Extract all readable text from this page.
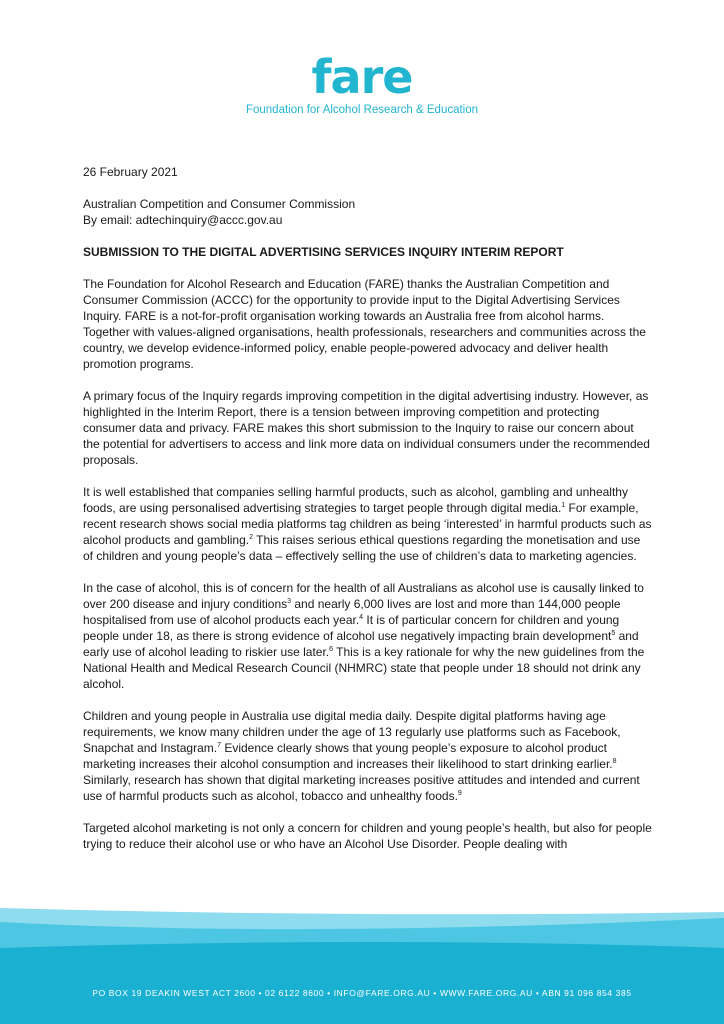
fare
Foundation for Alcohol Research & Education

26 February 2021

Australian Competition and Consumer Commission

By email: adtechinquiry@accc.gov.au

SUBMISSION TO THE DIGITAL ADVERTISING SERVICES INQUIRY INTERIM REPORT

The Foundation for Alcohol Research and Education (FARE) thanks the Australian Competition and Consumer Commission (ACCC) for the opportunity to provide input to the Digital Advertising Services Inquiry. FARE is a not-for-profit organisation working towards an Australia free from alcohol harms. Together with values-aligned organisations, health professionals, researchers and communities across the country, we develop evidence-informed policy, enable people-powered advocacy and deliver health promotion programs.

A primary focus of the Inquiry regards improving competition in the digital advertising industry. However, as highlighted in the Interim Report, there is a tension between improving competition and protecting consumer data and privacy. FARE makes this short submission to the Inquiry to raise our concern about the potential for advertisers to access and link more data on individual consumers under the recommended proposals.

It is well established that companies selling harmful products, such as alcohol, gambling and unhealthy foods, are using personalised advertising strategies to target people through digital media.$^1$ For example, recent research shows social media platforms tag children as being ‘interested’ in harmful products such as alcohol products and gambling.$^2$ This raises serious ethical questions regarding the monetisation and use of children and young people’s data – effectively selling the use of children’s data to marketing agencies.

In the case of alcohol, this is of concern for the health of all Australians as alcohol use is causally linked to over 200 disease and injury conditions$^3$ and nearly 6,000 lives are lost and more than 144,000 people hospitalised from use of alcohol products each year.$^4$ It is of particular concern for children and young people under 18, as there is strong evidence of alcohol use negatively impacting brain development$^5$ and early use of alcohol leading to riskier use later.$^6$ This is a key rationale for why the new guidelines from the National Health and Medical Research Council (NHMRC) state that people under 18 should not drink any alcohol.

Children and young people in Australia use digital media daily. Despite digital platforms having age requirements, we know many children under the age of 13 regularly use platforms such as Facebook, Snapchat and Instagram.$^7$ Evidence clearly shows that young people’s exposure to alcohol product marketing increases their alcohol consumption and increases their likelihood to start drinking earlier.$^8$ Similarly, research has shown that digital marketing increases positive attitudes and intended and current use of harmful products such as alcohol, tobacco and unhealthy foods.$^9$

Targeted alcohol marketing is not only a concern for children and young people’s health, but also for people trying to reduce their alcohol use or who have an Alcohol Use Disorder. People dealing with

PO BOX 19 DEAKIN WEST ACT 2600 • 02 6122 8600 • INFO@FARE.ORG.AU • WWW.FARE.ORG.AU • ABN 91 096 854 385
